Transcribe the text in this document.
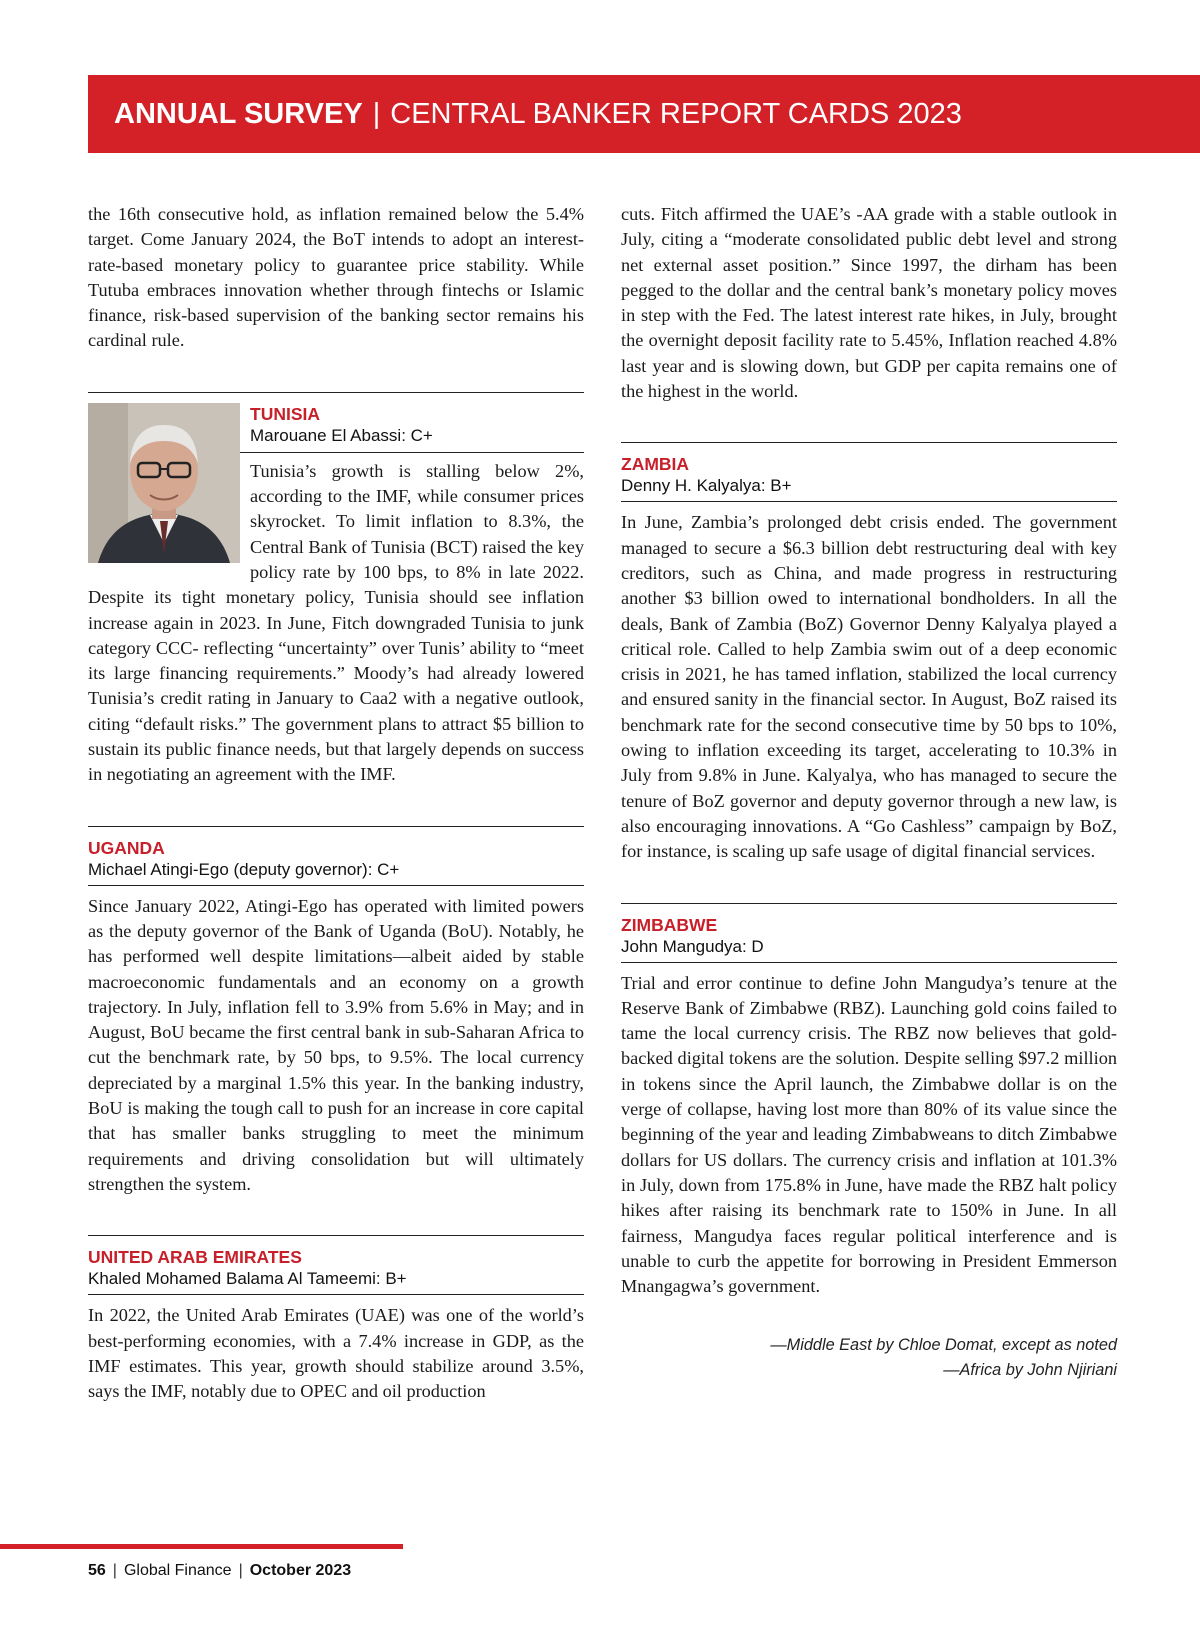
ANNUAL SURVEY | CENTRAL BANKER REPORT CARDS 2023

the 16th consecutive hold, as inflation remained below the 5.4% target. Come January 2024, the BoT intends to adopt an interest-rate-based monetary policy to guarantee price stability. While Tutuba embraces innovation whether through fintechs or Islamic finance, risk-based supervision of the banking sector remains his cardinal rule.

TUNISIA
Marouane El Abassi: C+

Tunisia’s growth is stalling below 2%, according to the IMF, while consumer prices skyrocket. To limit inflation to 8.3%, the Central Bank of Tunisia (BCT) raised the key policy rate by 100 bps, to 8% in late 2022. Despite its tight monetary policy, Tunisia should see inflation increase again in 2023. In June, Fitch downgraded Tunisia to junk category CCC- reflecting “uncertainty” over Tunis’ ability to “meet its large financing requirements.” Moody’s had already lowered Tunisia’s credit rating in January to Caa2 with a negative outlook, citing “default risks.” The government plans to attract $5 billion to sustain its public finance needs, but that largely depends on success in negotiating an agreement with the IMF.

UGANDA
Michael Atingi-Ego (deputy governor): C+

Since January 2022, Atingi-Ego has operated with limited powers as the deputy governor of the Bank of Uganda (BoU). Notably, he has performed well despite limitations—albeit aided by stable macroeconomic fundamentals and an economy on a growth trajectory. In July, inflation fell to 3.9% from 5.6% in May; and in August, BoU became the first central bank in sub-Saharan Africa to cut the benchmark rate, by 50 bps, to 9.5%. The local currency depreciated by a marginal 1.5% this year. In the banking industry, BoU is making the tough call to push for an increase in core capital that has smaller banks struggling to meet the minimum requirements and driving consolidation but will ultimately strengthen the system.

UNITED ARAB EMIRATES
Khaled Mohamed Balama Al Tameemi: B+

In 2022, the United Arab Emirates (UAE) was one of the world’s best-performing economies, with a 7.4% increase in GDP, as the IMF estimates. This year, growth should stabilize around 3.5%, says the IMF, notably due to OPEC and oil production

cuts. Fitch affirmed the UAE’s -AA grade with a stable outlook in July, citing a “moderate consolidated public debt level and strong net external asset position.” Since 1997, the dirham has been pegged to the dollar and the central bank’s monetary policy moves in step with the Fed. The latest interest rate hikes, in July, brought the overnight deposit facility rate to 5.45%, Inflation reached 4.8% last year and is slowing down, but GDP per capita remains one of the highest in the world.

ZAMBIA
Denny H. Kalyalya: B+

In June, Zambia’s prolonged debt crisis ended. The government managed to secure a $6.3 billion debt restructuring deal with key creditors, such as China, and made progress in restructuring another $3 billion owed to international bondholders. In all the deals, Bank of Zambia (BoZ) Governor Denny Kalyalya played a critical role. Called to help Zambia swim out of a deep economic crisis in 2021, he has tamed inflation, stabilized the local currency and ensured sanity in the financial sector. In August, BoZ raised its benchmark rate for the second consecutive time by 50 bps to 10%, owing to inflation exceeding its target, accelerating to 10.3% in July from 9.8% in June. Kalyalya, who has managed to secure the tenure of BoZ governor and deputy governor through a new law, is also encouraging innovations. A “Go Cashless” campaign by BoZ, for instance, is scaling up safe usage of digital financial services.

ZIMBABWE
John Mangudya: D

Trial and error continue to define John Mangudya’s tenure at the Reserve Bank of Zimbabwe (RBZ). Launching gold coins failed to tame the local currency crisis. The RBZ now believes that gold-backed digital tokens are the solution. Despite selling $97.2 million in tokens since the April launch, the Zimbabwe dollar is on the verge of collapse, having lost more than 80% of its value since the beginning of the year and leading Zimbabweans to ditch Zimbabwe dollars for US dollars. The currency crisis and inflation at 101.3% in July, down from 175.8% in June, have made the RBZ halt policy hikes after raising its benchmark rate to 150% in June. In all fairness, Mangudya faces regular political interference and is unable to curb the appetite for borrowing in President Emmerson Mnangagwa’s government.

—Middle East by Chloe Domat, except as noted
—Africa by John Njiriani
56 | Global Finance | October 2023
